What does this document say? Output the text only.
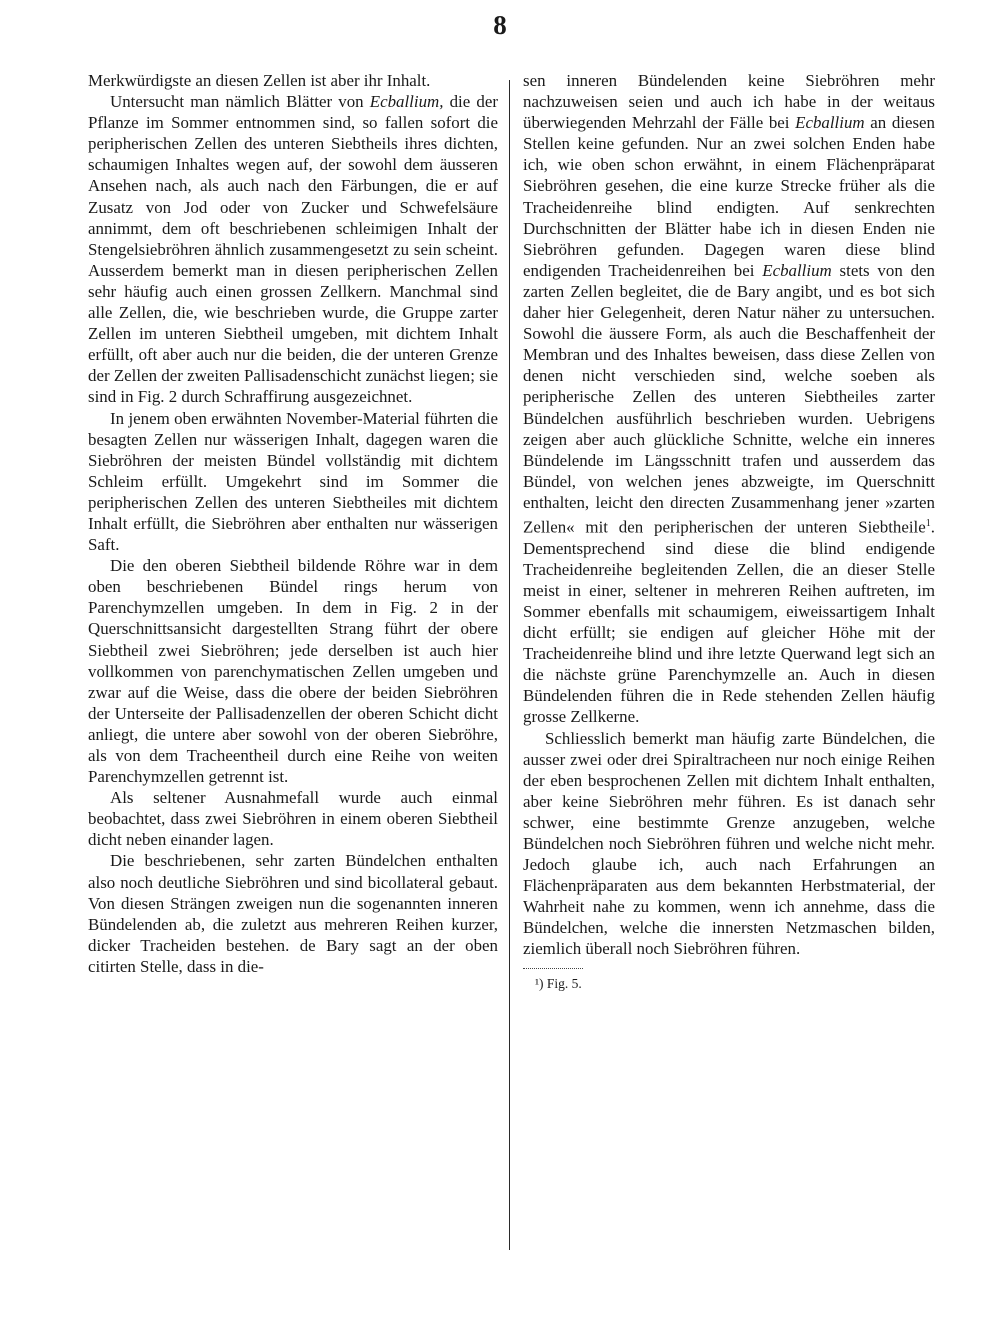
8

Merkwürdigste an diesen Zellen ist aber ihr Inhalt.

Untersucht man nämlich Blätter von Ecballium, die der Pflanze im Sommer entnommen sind, so fallen sofort die peripherischen Zellen des unteren Siebtheils ihres dichten, schaumigen Inhaltes wegen auf, der sowohl dem äusseren Ansehen nach, als auch nach den Färbungen, die er auf Zusatz von Jod oder von Zucker und Schwefelsäure annimmt, dem oft beschriebenen schleimigen Inhalt der Stengelsiebröhren ähnlich zusammengesetzt zu sein scheint. Ausserdem bemerkt man in diesen peripherischen Zellen sehr häufig auch einen grossen Zellkern. Manchmal sind alle Zellen, die, wie beschrieben wurde, die Gruppe zarter Zellen im unteren Siebtheil umgeben, mit dichtem Inhalt erfüllt, oft aber auch nur die beiden, die der unteren Grenze der Zellen der zweiten Pallisadenschicht zunächst liegen; sie sind in Fig. 2 durch Schraffirung ausgezeichnet.

In jenem oben erwähnten November-Material führten die besagten Zellen nur wässerigen Inhalt, dagegen waren die Siebröhren der meisten Bündel vollständig mit dichtem Schleim erfüllt. Umgekehrt sind im Sommer die peripherischen Zellen des unteren Siebtheiles mit dichtem Inhalt erfüllt, die Siebröhren aber enthalten nur wässerigen Saft.

Die den oberen Siebtheil bildende Röhre war in dem oben beschriebenen Bündel rings herum von Parenchymzellen umgeben. In dem in Fig. 2 in der Querschnittsansicht dargestellten Strang führt der obere Siebtheil zwei Siebröhren; jede derselben ist auch hier vollkommen von parenchymatischen Zellen umgeben und zwar auf die Weise, dass die obere der beiden Siebröhren der Unterseite der Pallisadenzellen der oberen Schicht dicht anliegt, die untere aber sowohl von der oberen Siebröhre, als von dem Tracheentheil durch eine Reihe von weiten Parenchymzellen getrennt ist.

Als seltener Ausnahmefall wurde auch einmal beobachtet, dass zwei Siebröhren in einem oberen Siebtheil dicht neben einander lagen.

Die beschriebenen, sehr zarten Bündelchen enthalten also noch deutliche Siebröhren und sind bicollateral gebaut. Von diesen Strängen zweigen nun die sogenannten inneren Bündelenden ab, die zuletzt aus mehreren Reihen kurzer, dicker Tracheiden bestehen. de Bary sagt an der oben citirten Stelle, dass in die-

sen inneren Bündelenden keine Siebröhren mehr nachzuweisen seien und auch ich habe in der weitaus überwiegenden Mehrzahl der Fälle bei Ecballium an diesen Stellen keine gefunden. Nur an zwei solchen Enden habe ich, wie oben schon erwähnt, in einem Flächenpräparat Siebröhren gesehen, die eine kurze Strecke früher als die Tracheidenreihe blind endigten. Auf senkrechten Durchschnitten der Blätter habe ich in diesen Enden nie Siebröhren gefunden. Dagegen waren diese blind endigenden Tracheidenreihen bei Ecballium stets von den zarten Zellen begleitet, die de Bary angibt, und es bot sich daher hier Gelegenheit, deren Natur näher zu untersuchen. Sowohl die äussere Form, als auch die Beschaffenheit der Membran und des Inhaltes beweisen, dass diese Zellen von denen nicht verschieden sind, welche soeben als peripherische Zellen des unteren Siebtheiles zarter Bündelchen ausführlich beschrieben wurden. Uebrigens zeigen aber auch glückliche Schnitte, welche ein inneres Bündelende im Längsschnitt trafen und ausserdem das Bündel, von welchen jenes abzweigte, im Querschnitt enthalten, leicht den directen Zusammenhang jener »zarten Zellen« mit den peripherischen der unteren Siebtheile$^1$. Dementsprechend sind diese die blind endigende Tracheidenreihe begleitenden Zellen, die an dieser Stelle meist in einer, seltener in mehreren Reihen auftreten, im Sommer ebenfalls mit schaumigem, eiweissartigem Inhalt dicht erfüllt; sie endigen auf gleicher Höhe mit der Tracheidenreihe blind und ihre letzte Querwand legt sich an die nächste grüne Parenchymzelle an. Auch in diesen Bündelenden führen die in Rede stehenden Zellen häufig grosse Zellkerne.

Schliesslich bemerkt man häufig zarte Bündelchen, die ausser zwei oder drei Spiraltracheen nur noch einige Reihen der eben besprochenen Zellen mit dichtem Inhalt enthalten, aber keine Siebröhren mehr führen. Es ist danach sehr schwer, eine bestimmte Grenze anzugeben, welche Bündelchen noch Siebröhren führen und welche nicht mehr. Jedoch glaube ich, auch nach Erfahrungen an Flächenpräparaten aus dem bekannten Herbstmaterial, der Wahrheit nahe zu kommen, wenn ich annehme, dass die Bündelchen, welche die innersten Netzmaschen bilden, ziemlich überall noch Siebröhren führen.

¹) Fig. 5.
